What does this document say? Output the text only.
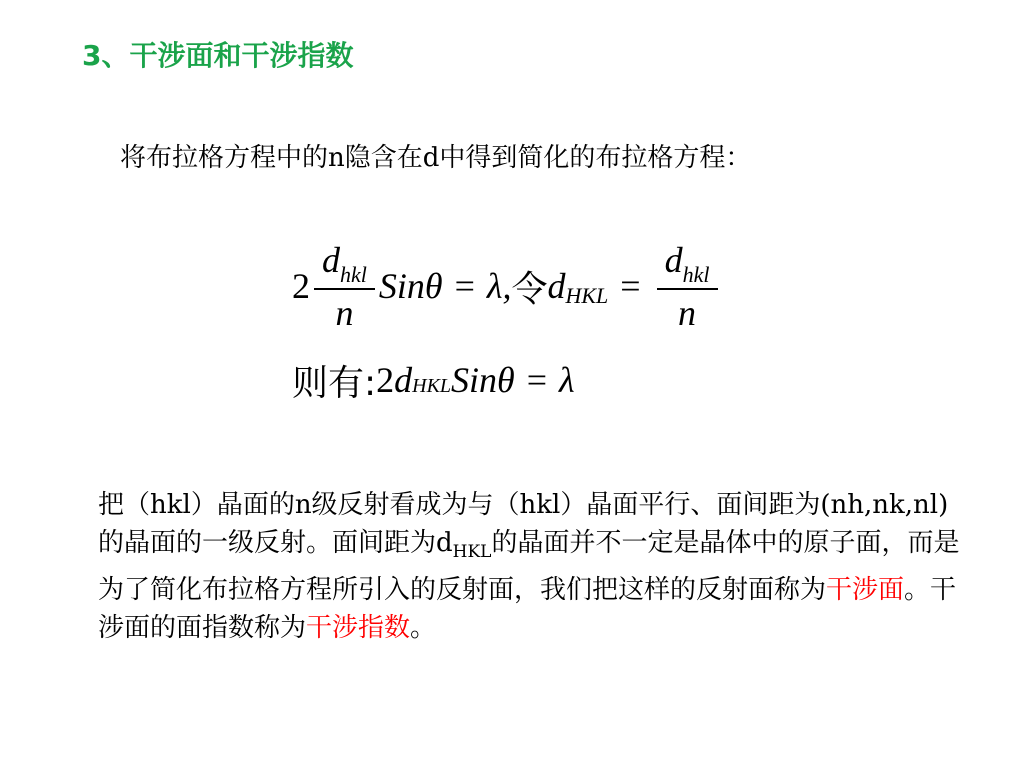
3、干涉面和干涉指数
将布拉格方程中的n隐含在d中得到简化的布拉格方程：
$2 \frac{d_{hkl}}{n}$ Sinθ = λ, 令 d HKL = $\frac{d_{hkl}}{n}$
则有: 2 d HKL Sinθ = λ
把（hkl）晶面的n级反射看成为与（hkl）晶面平行、面间距为(nh,nk,nl) 的晶面的一级反射。面间距为$d_{HKL}$的晶面并不一定是晶体中的原子面，而是为了简化布拉格方程所引入的反射面，我们把这样的反射面称为干涉面。干涉面的面指数称为干涉指数。
